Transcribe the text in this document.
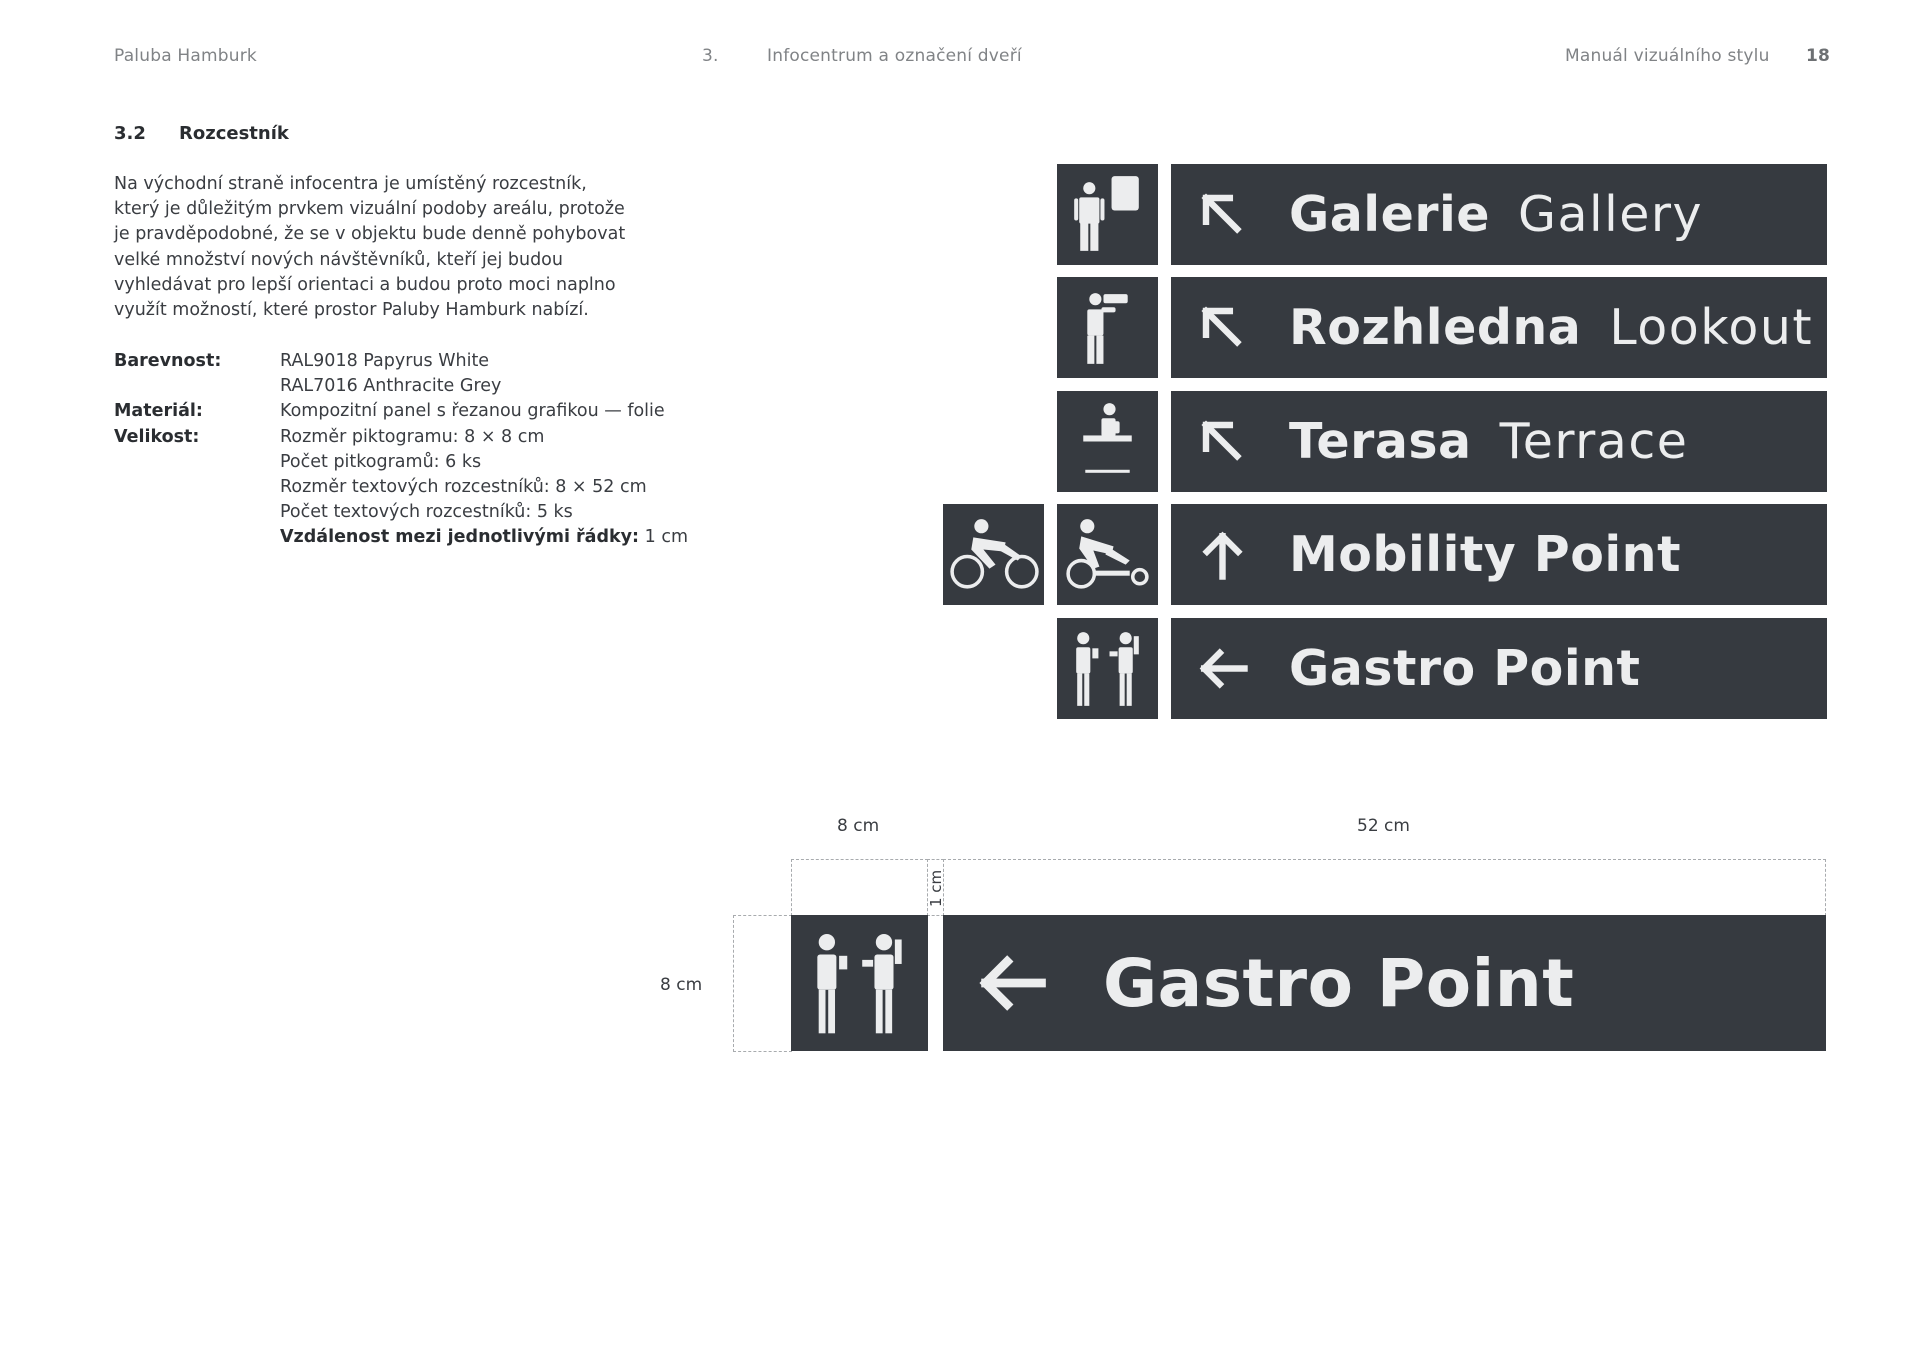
Paluba Hamburk	3.	Infocentrum a označení dveří	Manuál vizuálního stylu 18
3.2 Rozcestník

Na východní straně infocentra je umístěný rozcestník,
který je důležitým prvkem vizuální podoby areálu, protože
je pravděpodobné, že se v objektu bude denně pohybovat
velké množství nových návštěvníků, kteří jej budou
vyhledávat pro lepší orientaci a budou proto moci naplno
využít možností, které prostor Paluby Hamburk nabízí.

Barevnost:	RAL9018 Papyrus White
RAL7016 Anthracite Grey
Materiál:	Kompozitní panel s řezanou grafikou — folie
Velikost:	Rozměr piktogramu: 8 × 8 cm
Počet pitkogramů: 6 ks
Rozměr textových rozcestníků: 8 × 52 cm
Počet textových rozcestníků: 5 ks
Vzdálenost mezi jednotlivými řádky: 1 cm
Galerie Gallery
Rozhledna Lookout
Terasa Terrace
Mobility Point
Gastro Point
8 cm	52 cm
8 cm
1 cm
Gastro Point
